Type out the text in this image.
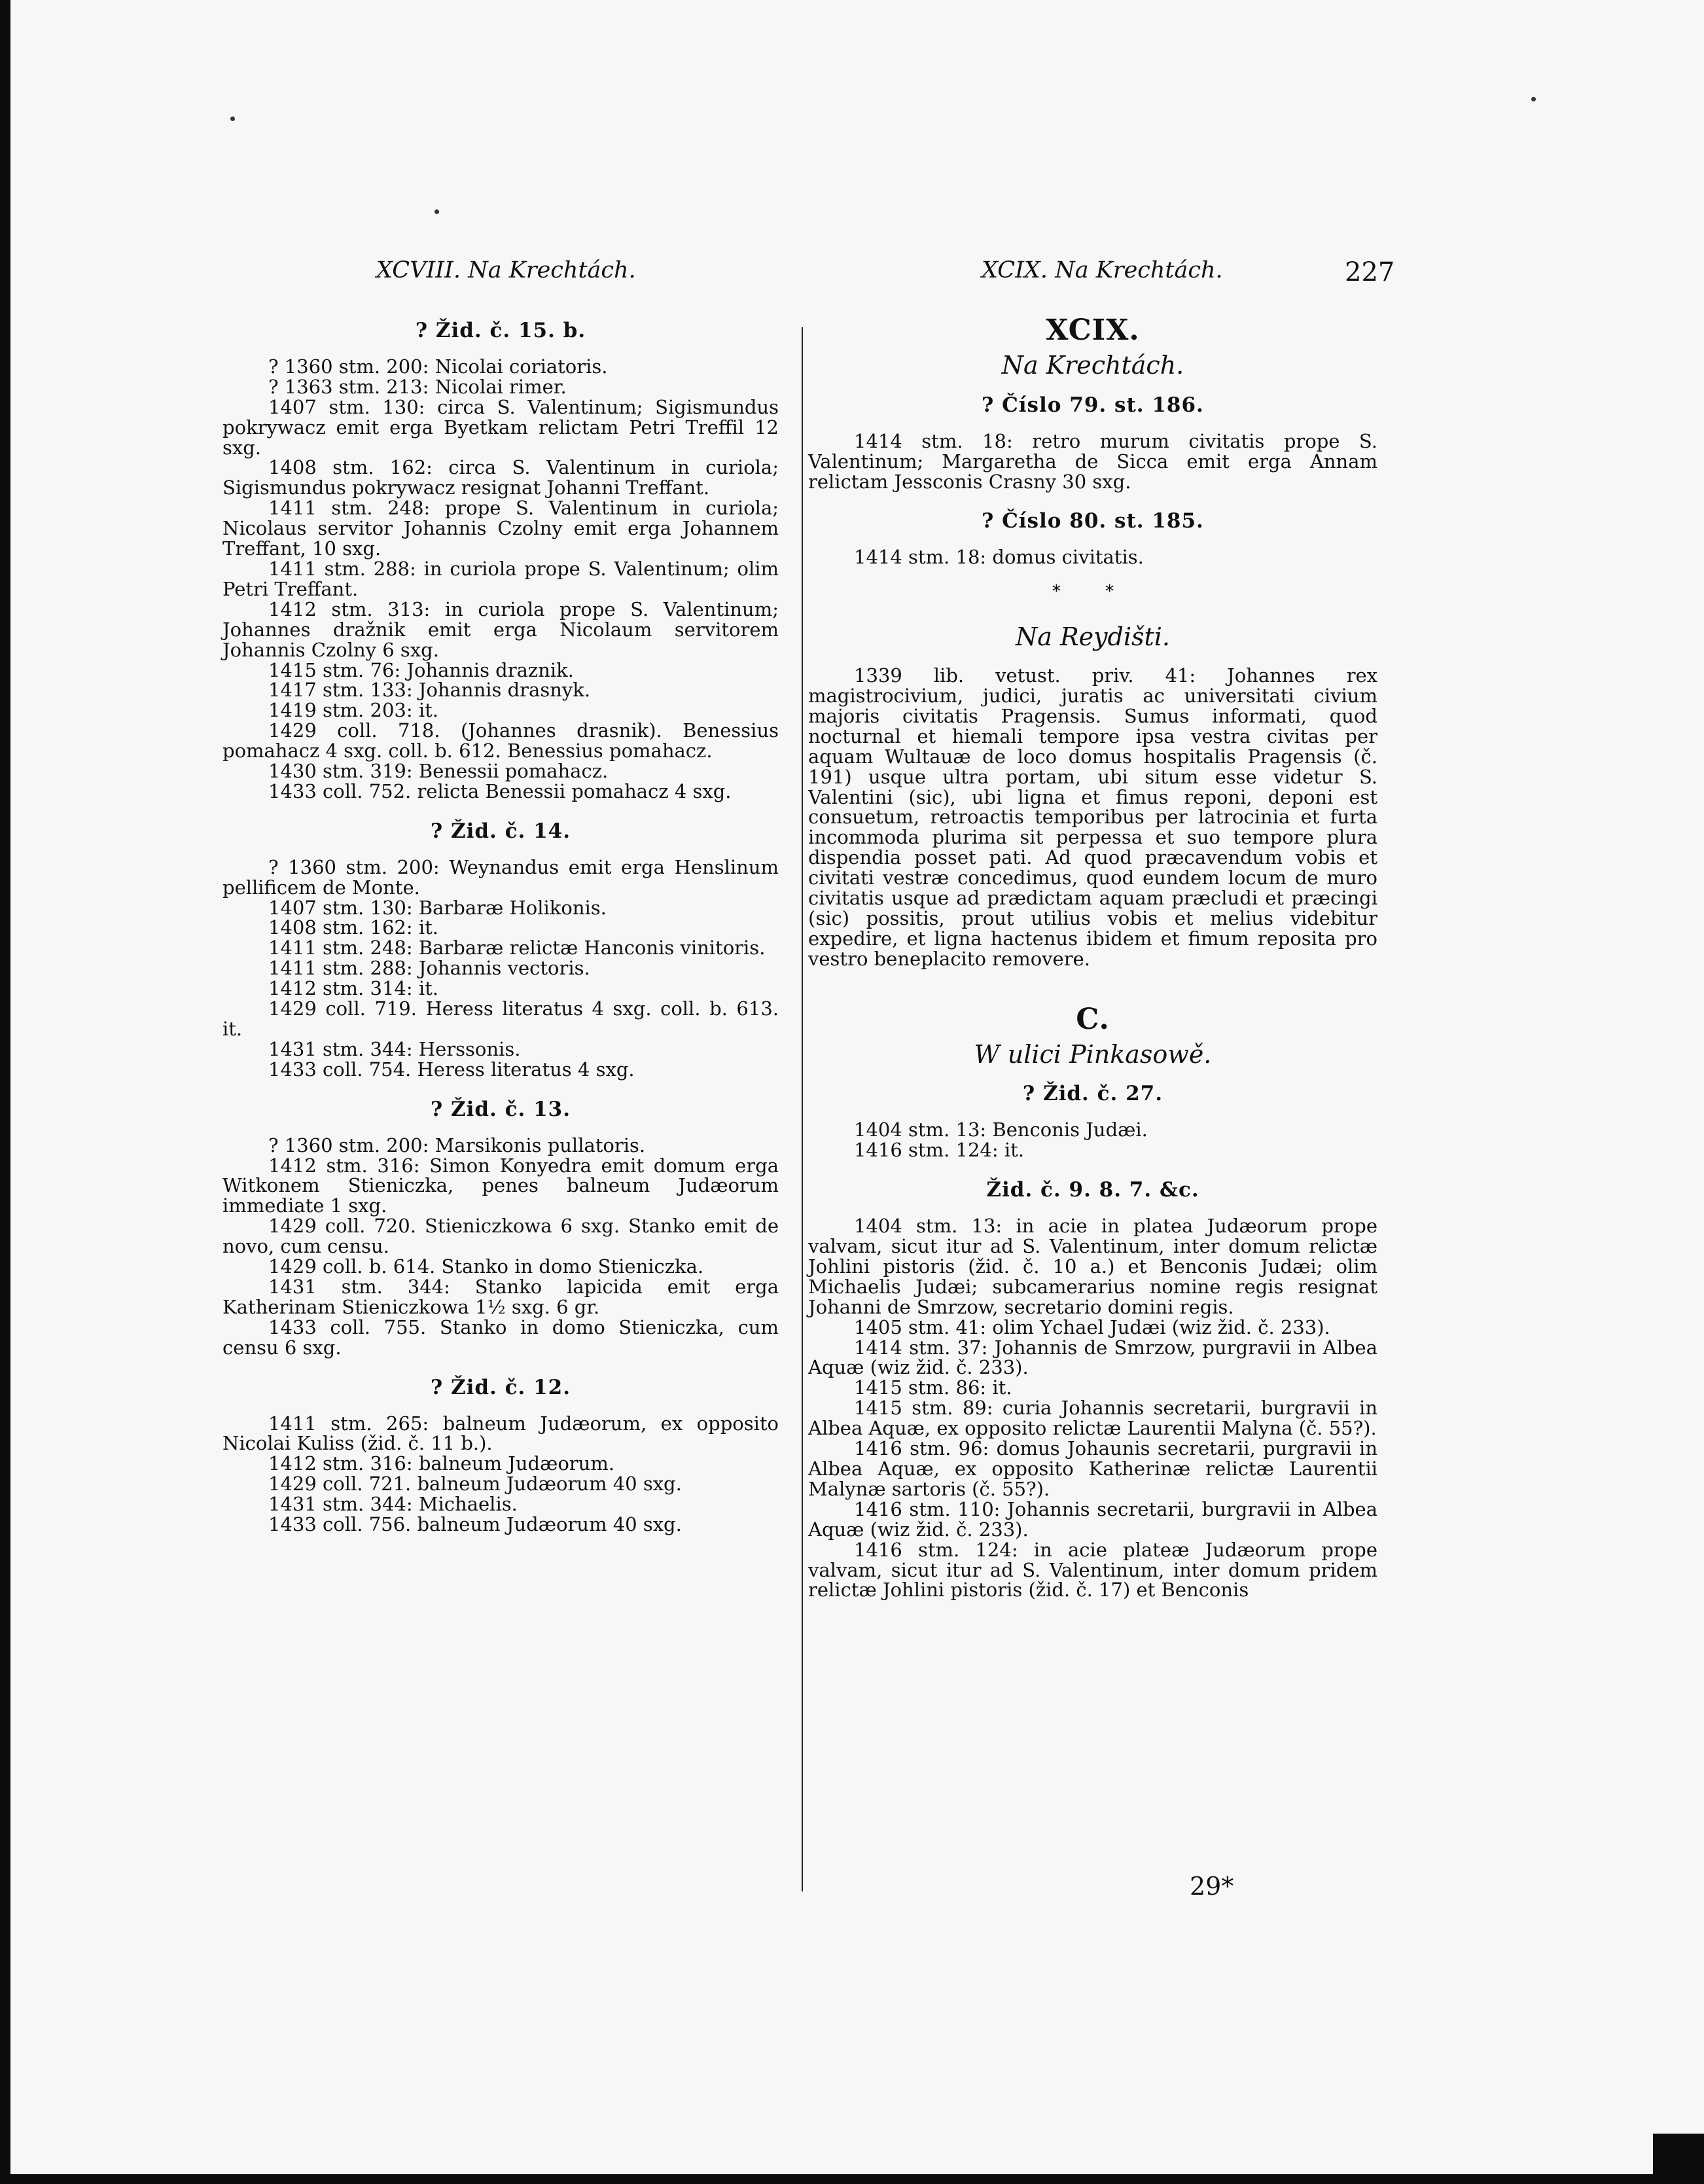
XCVIII. Na Krechtách.	XCIX. Na Krechtách.	227

? Žid. č. 15. b.

? 1360 stm. 200: Nicolai coriatoris.

? 1363 stm. 213: Nicolai rimer.

1407 stm. 130: circa S. Valentinum; Sigismundus pokrywacz emit erga Byetkam relictam Petri Treffil 12 sxg.

1408 stm. 162: circa S. Valentinum in curiola; Sigismundus pokrywacz resignat Johanni Treffant.

1411 stm. 248: prope S. Valentinum in curiola; Nicolaus servitor Johannis Czolny emit erga Johannem Treffant, 10 sxg.

1411 stm. 288: in curiola prope S. Valentinum; olim Petri Treffant.

1412 stm. 313: in curiola prope S. Valentinum; Johannes dražnik emit erga Nicolaum servitorem Johannis Czolny 6 sxg.

1415 stm. 76: Johannis draznik.

1417 stm. 133: Johannis drasnyk.

1419 stm. 203: it.

1429 coll. 718. (Johannes drasnik). Benessius pomahacz 4 sxg. coll. b. 612. Benessius pomahacz.

1430 stm. 319: Benessii pomahacz.

1433 coll. 752. relicta Benessii pomahacz 4 sxg.

? Žid. č. 14.

? 1360 stm. 200: Weynandus emit erga Henslinum pellificem de Monte.

1407 stm. 130: Barbaræ Holikonis.

1408 stm. 162: it.

1411 stm. 248: Barbaræ relictæ Hanconis vinitoris.

1411 stm. 288: Johannis vectoris.

1412 stm. 314: it.

1429 coll. 719. Heress literatus 4 sxg. coll. b. 613. it.

1431 stm. 344: Herssonis.

1433 coll. 754. Heress literatus 4 sxg.

? Žid. č. 13.

? 1360 stm. 200: Marsikonis pullatoris.

1412 stm. 316: Simon Konyedra emit domum erga Witkonem Stieniczka, penes balneum Judæorum immediate 1 sxg.

1429 coll. 720. Stieniczkowa 6 sxg. Stanko emit de novo, cum censu.

1429 coll. b. 614. Stanko in domo Stieniczka.

1431 stm. 344: Stanko lapicida emit erga Katherinam Stieniczkowa 1½ sxg. 6 gr.

1433 coll. 755. Stanko in domo Stieniczka, cum censu 6 sxg.

? Žid. č. 12.

1411 stm. 265: balneum Judæorum, ex opposito Nicolai Kuliss (žid. č. 11 b.).

1412 stm. 316: balneum Judæorum.

1429 coll. 721. balneum Judæorum 40 sxg.

1431 stm. 344: Michaelis.

1433 coll. 756. balneum Judæorum 40 sxg.

XCIX.

Na Krechtách.

? Číslo 79. st. 186.

1414 stm. 18: retro murum civitatis prope S. Valentinum; Margaretha de Sicca emit erga Annam relictam Jessconis Crasny 30 sxg.

? Číslo 80. st. 185.

1414 stm. 18: domus civitatis.

* *

Na Reydišti.

1339 lib. vetust. priv. 41: Johannes rex magistrocivium, judici, juratis ac universitati civium majoris civitatis Pragensis. Sumus informati, quod nocturnal et hiemali tempore ipsa vestra civitas per aquam Wultauæ de loco domus hospitalis Pragensis (č. 191) usque ultra portam, ubi situm esse videtur S. Valentini (sic), ubi ligna et fimus reponi, deponi est consuetum, retroactis temporibus per latrocinia et furta incommoda plurima sit perpessa et suo tempore plura dispendia posset pati. Ad quod præcavendum vobis et civitati vestræ concedimus, quod eundem locum de muro civitatis usque ad prædictam aquam præcludi et præcingi (sic) possitis, prout utilius vobis et melius videbitur expedire, et ligna hactenus ibidem et fimum reposita pro vestro beneplacito removere.

C.

W ulici Pinkasowě.

? Žid. č. 27.

1404 stm. 13: Benconis Judæi.

1416 stm. 124: it.

Žid. č. 9. 8. 7. &c.

1404 stm. 13: in acie in platea Judæorum prope valvam, sicut itur ad S. Valentinum, inter domum relictæ Johlini pistoris (žid. č. 10 a.) et Benconis Judæi; olim Michaelis Judæi; subcamerarius nomine regis resignat Johanni de Smrzow, secretario domini regis.

1405 stm. 41: olim Ychael Judæi (wiz žid. č. 233).

1414 stm. 37: Johannis de Smrzow, purgravii in Albea Aquæ (wiz žid. č. 233).

1415 stm. 86: it.

1415 stm. 89: curia Johannis secretarii, burgravii in Albea Aquæ, ex opposito relictæ Laurentii Malyna (č. 55?).

1416 stm. 96: domus Johaunis secretarii, purgravii in Albea Aquæ, ex opposito Katherinæ relictæ Laurentii Malynæ sartoris (č. 55?).

1416 stm. 110: Johannis secretarii, burgravii in Albea Aquæ (wiz žid. č. 233).

1416 stm. 124: in acie plateæ Judæorum prope valvam, sicut itur ad S. Valentinum, inter domum pridem relictæ Johlini pistoris (žid. č. 17) et Benconis

29*
